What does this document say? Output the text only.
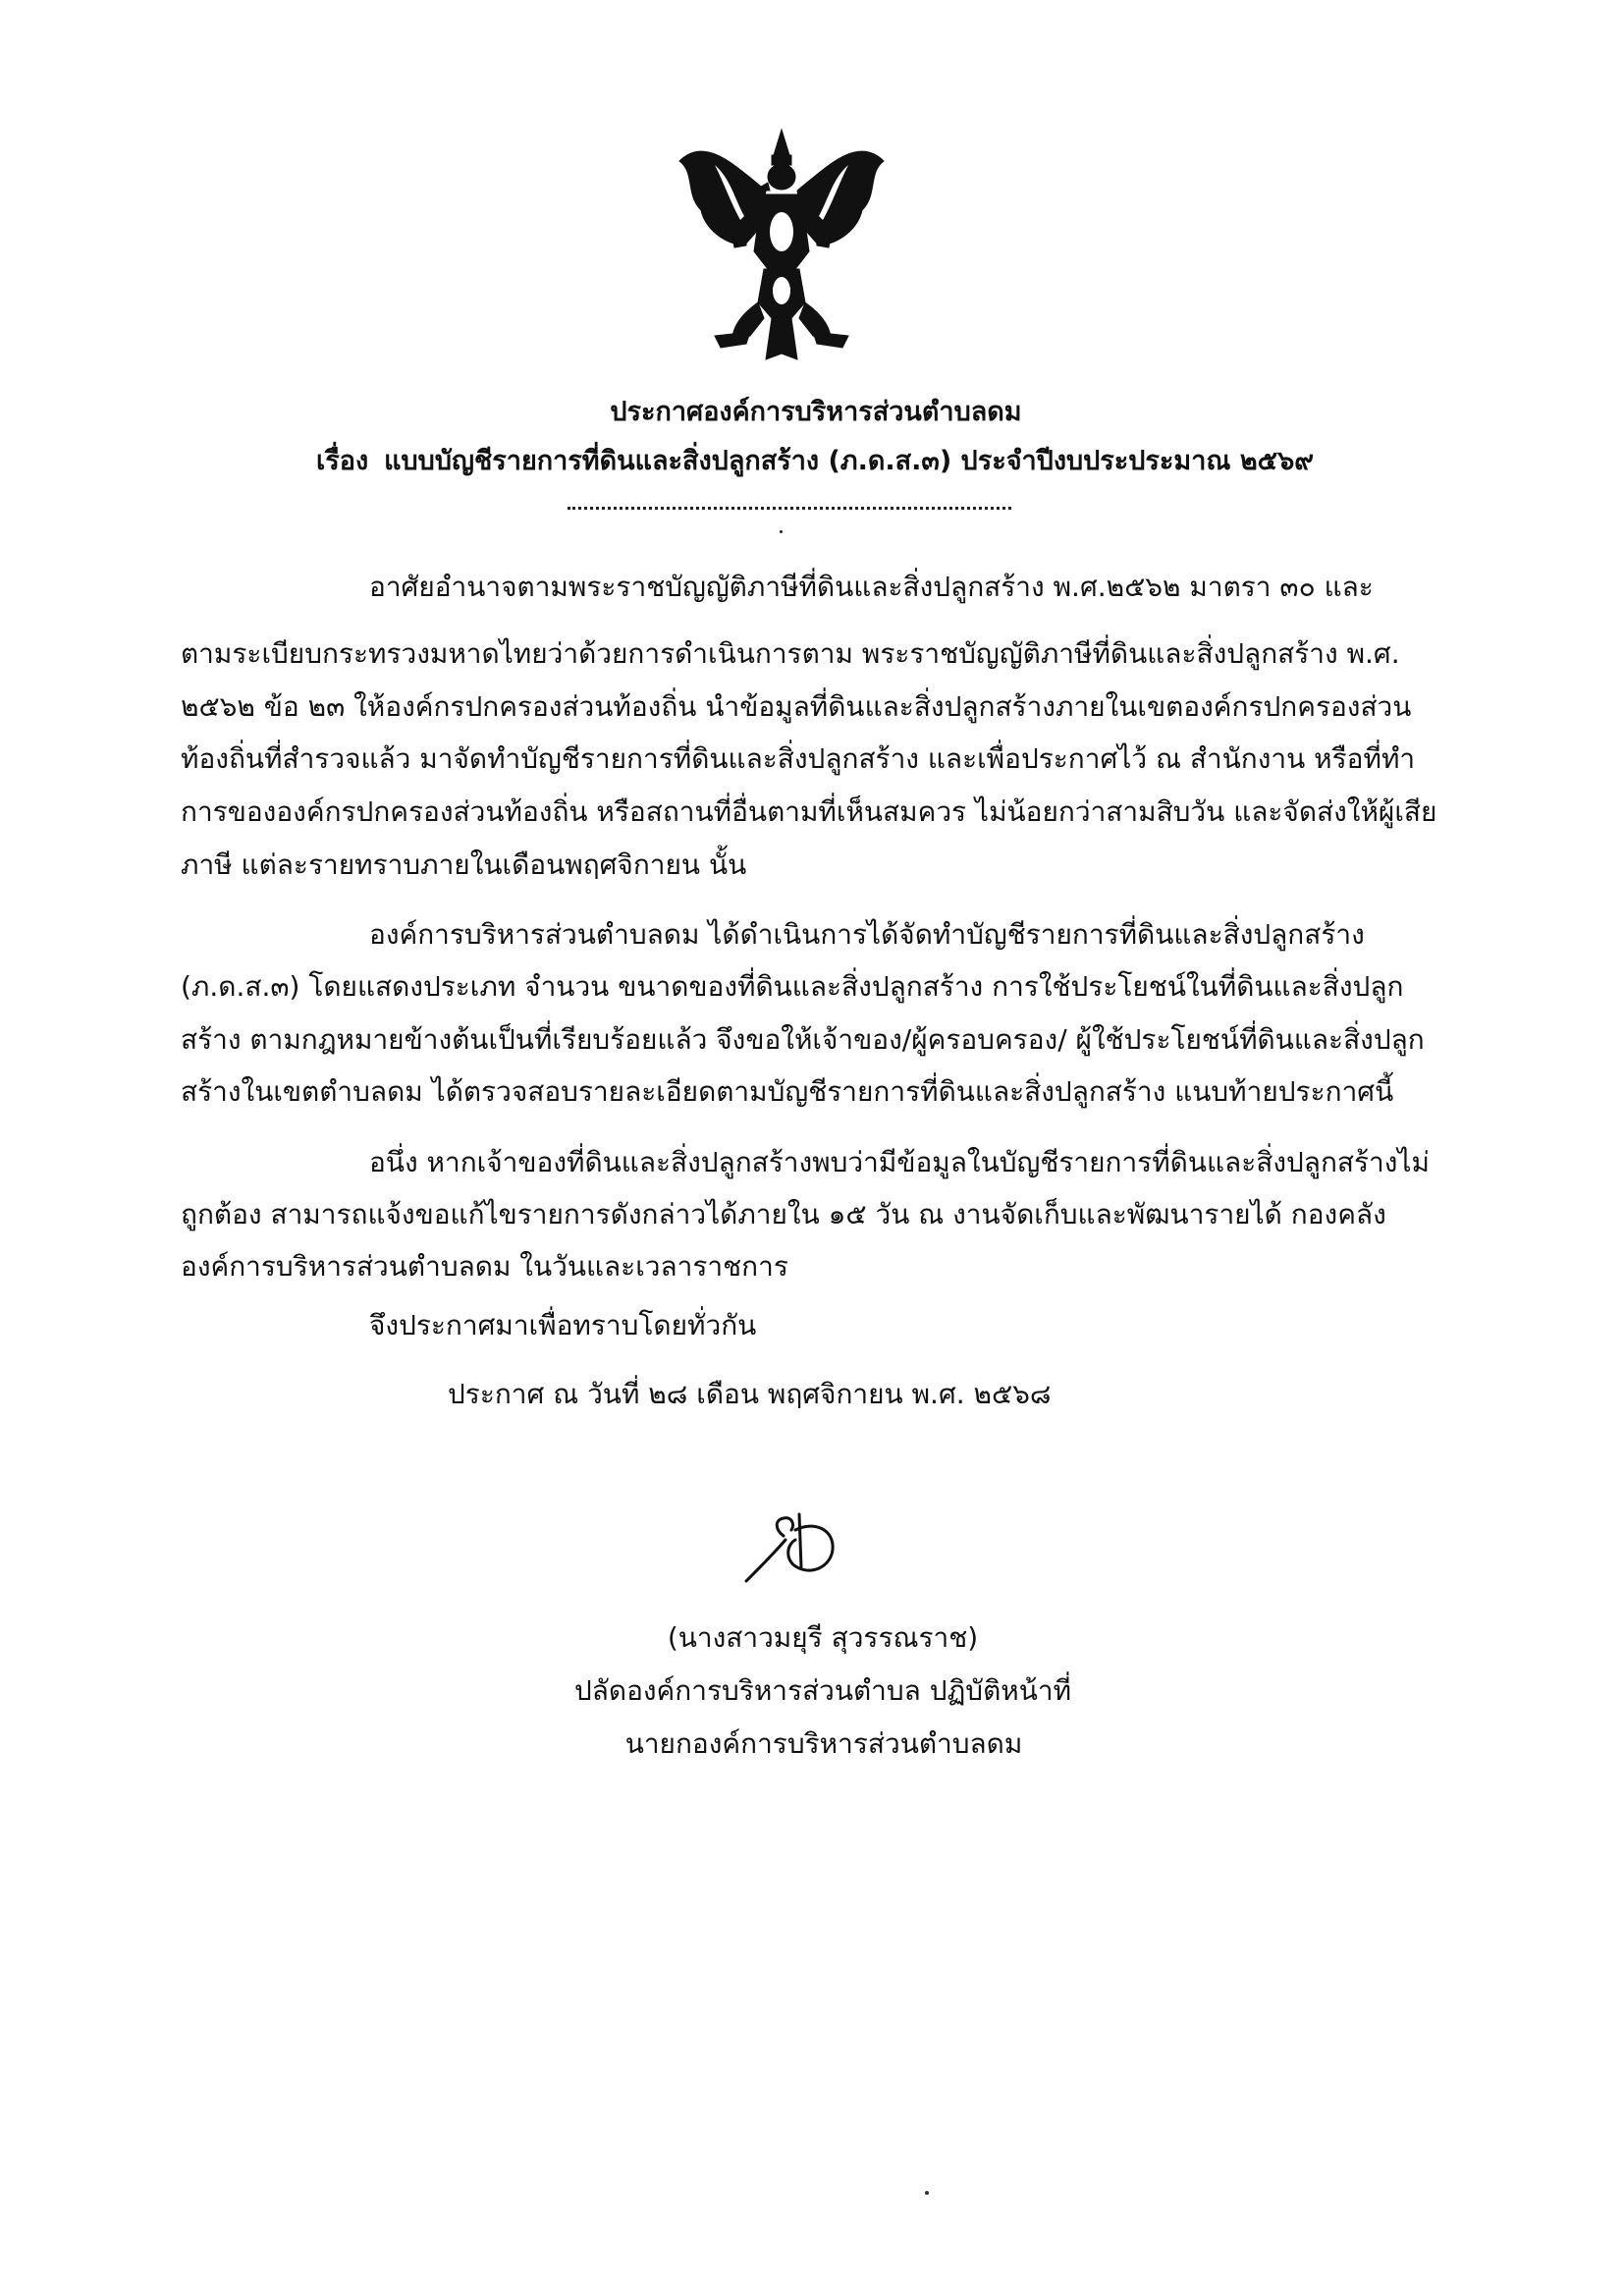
ประกาศองค์การบริหารส่วนตำบลดม
เรื่อง แบบบัญชีรายการที่ดินและสิ่งปลูกสร้าง (ภ.ด.ส.๓) ประจำปีงบประประมาณ ๒๕๖๙
อาศัยอำนาจตามพระราชบัญญัติภาษีที่ดินและสิ่งปลูกสร้าง พ.ศ.๒๕๖๒ มาตรา ๓๐ และ
ตามระเบียบกระทรวงมหาดไทยว่าด้วยการดำเนินการตาม พระราชบัญญัติภาษีที่ดินและสิ่งปลูกสร้าง พ.ศ.
๒๕๖๒ ข้อ ๒๓ ให้องค์กรปกครองส่วนท้องถิ่น นำข้อมูลที่ดินและสิ่งปลูกสร้างภายในเขตองค์กรปกครองส่วน
ท้องถิ่นที่สำรวจแล้ว มาจัดทำบัญชีรายการที่ดินและสิ่งปลูกสร้าง และเพื่อประกาศไว้ ณ สำนักงาน หรือที่ทำ
การขององค์กรปกครองส่วนท้องถิ่น หรือสถานที่อื่นตามที่เห็นสมควร ไม่น้อยกว่าสามสิบวัน และจัดส่งให้ผู้เสีย
ภาษี แต่ละรายทราบภายในเดือนพฤศจิกายน นั้น
องค์การบริหารส่วนตำบลดม ได้ดำเนินการได้จัดทำบัญชีรายการที่ดินและสิ่งปลูกสร้าง
(ภ.ด.ส.๓) โดยแสดงประเภท จำนวน ขนาดของที่ดินและสิ่งปลูกสร้าง การใช้ประโยชน์ในที่ดินและสิ่งปลูก
สร้าง ตามกฎหมายข้างต้นเป็นที่เรียบร้อยแล้ว จึงขอให้เจ้าของ/ผู้ครอบครอง/ ผู้ใช้ประโยชน์ที่ดินและสิ่งปลูก
สร้างในเขตตำบลดม ได้ตรวจสอบรายละเอียดตามบัญชีรายการที่ดินและสิ่งปลูกสร้าง แนบท้ายประกาศนี้
อนึ่ง หากเจ้าของที่ดินและสิ่งปลูกสร้างพบว่ามีข้อมูลในบัญชีรายการที่ดินและสิ่งปลูกสร้างไม่
ถูกต้อง สามารถแจ้งขอแก้ไขรายการดังกล่าวได้ภายใน ๑๕ วัน ณ งานจัดเก็บและพัฒนารายได้ กองคลัง
องค์การบริหารส่วนตำบลดม ในวันและเวลาราชการ
จึงประกาศมาเพื่อทราบโดยทั่วกัน
ประกาศ ณ วันที่ ๒๘ เดือน พฤศจิกายน พ.ศ. ๒๕๖๘
(นางสาวมยุรี สุวรรณราช)
ปลัดองค์การบริหารส่วนตำบล ปฏิบัติหน้าที่
นายกองค์การบริหารส่วนตำบลดม
